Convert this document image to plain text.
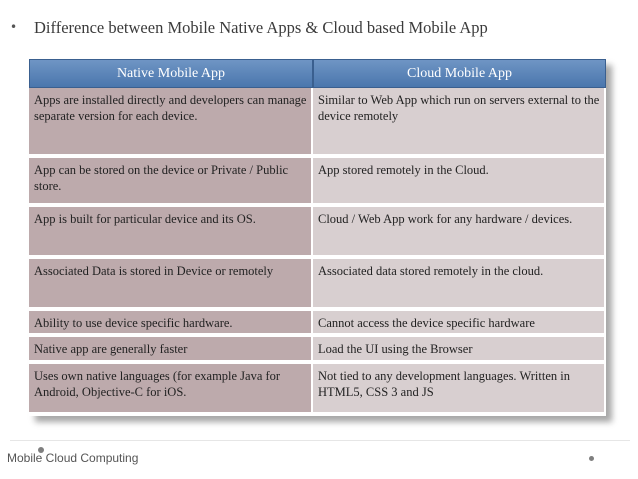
• Difference between Mobile Native Apps & Cloud based Mobile App
Native Mobile App	Cloud Mobile App
Apps are installed directly and developers can manage separate version for each device.	Similar to Web App which run on servers external to the device remotely
App can be stored on the device or Private / Public store.	App stored remotely in the Cloud.
App is built for particular device and its OS.	Cloud / Web App work for any hardware / devices.
Associated Data is stored in Device or remotely	Associated data stored remotely in the cloud.
Ability to use device specific hardware.	Cannot access the device specific hardware
Native app are generally faster	Load the UI using the Browser
Uses own native languages (for example Java for Android, Objective-C for iOS.	Not tied to any development languages. Written in HTML5, CSS 3 and JS
Mobile Cloud Computing
